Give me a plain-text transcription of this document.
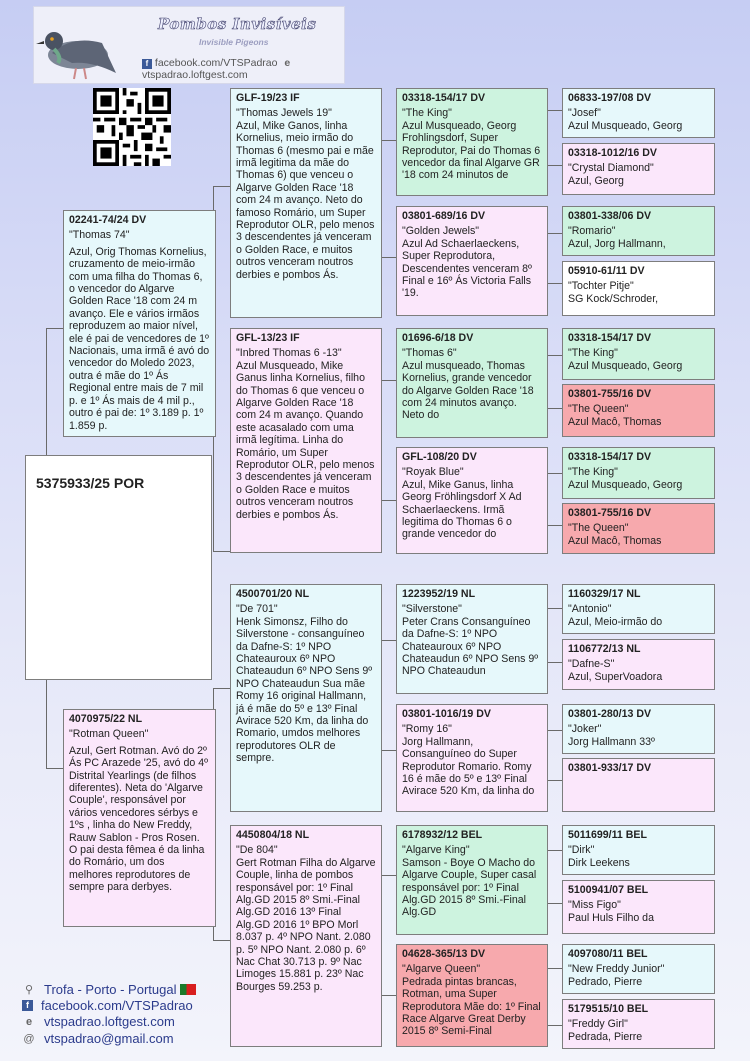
Pombos Invisíveis
Invisible Pigeons
f facebook.com/VTSPadrao e vtspadrao.loftgest.com
5375933/25 POR
02241-74/24 DV
"Thomas 74"
Azul, Orig Thomas Kornelius, cruzamento de meio-irmão com uma filha do Thomas 6, o vencedor do Algarve Golden Race '18 com 24 m avanço. Ele e vários irmãos reproduzem ao maior nível, ele é pai de vencedores de 1º Nacionais, uma irmã é avó do vencedor do Moledo 2023, outra é mãe do 1º Ás Regional entre mais de 7 mil p. e 1º Ás mais de 4 mil p., outro é pai de: 1º 3.189 p. 1º 1.859 p.
4070975/22 NL
"Rotman Queen"
Azul, Gert Rotman. Avó do 2º Ás PC Arazede '25, avó do 4º Distrital Yearlings (de filhos diferentes). Neta do 'Algarve Couple', responsável por vários vencedores sérbys e 1ºs , linha do New Freddy, Rauw Sablon - Pros Rosen. O pai desta fêmea é da linha do Romário, um dos melhores reprodutores de sempre para derbyes.
GLF-19/23 IF
"Thomas Jewels 19"
Azul, Mike Ganos, linha Kornelius, meio irmão do Thomas 6 (mesmo pai e mãe irmã legitima da mãe do Thomas 6) que venceu o Algarve Golden Race '18 com 24 m avanço. Neto do famoso Romário, um Super Reprodutor OLR, pelo menos 3 descendentes já venceram o Golden Race, e muitos outros venceram noutros derbies e pombos Ás.
GFL-13/23 IF
"Inbred Thomas 6 -13"
Azul Musqueado, Mike Ganus linha Kornelius, filho do Thomas 6 que venceu o Algarve Golden Race '18 com 24 m avanço. Quando este acasalado com uma irmã legítima. Linha do Romário, um Super Reprodutor OLR, pelo menos 3 descendentes já venceram o Golden Race e muitos outros venceram noutros derbies e pombos Ás.
4500701/20 NL
"De 701"
Henk Simonsz, Filho do Silverstone - consanguíneo da Dafne-S: 1º NPO Chateauroux 6º NPO Chateaudun 6º NPO Sens 9º NPO Chateaudun Sua mãe Romy 16 original Hallmann, já é mãe do 5º e 13º Final Avirace 520 Km, da linha do Romario, umdos melhores reprodutores OLR de sempre.
4450804/18 NL
"De 804"
Gert Rotman Filha do Algarve Couple, linha de pombos responsável por: 1º Final Alg.GD 2015 8º Smi.-Final Alg.GD 2016 13º Final Alg.GD 2016 1º BPO Morl 8.037 p. 4º NPO Nant. 2.080 p. 5º NPO Nant. 2.080 p. 6º Nac Chat 30.713 p. 9º Nac Limoges 15.881 p. 23º Nac Bourges 59.253 p.
03318-154/17 DV
"The King"
Azul Musqueado, Georg Frohlingsdorf, Super Reprodutor, Pai do Thomas 6 vencedor da final Algarve GR '18 com 24 minutos de
03801-689/16 DV
"Golden Jewels"
Azul Ad Schaerlaeckens, Super Reprodutora, Descendentes venceram 8º Final e 16º Ás Victoria Falls '19.
01696-6/18 DV
"Thomas 6"
Azul musqueado, Thomas Kornelius, grande vencedor do Algarve Golden Race '18 com 24 minutos avanço. Neto do
GFL-108/20 DV
"Royak Blue"
Azul, Mike Ganus, linha Georg Fröhlingsdorf X Ad Schaerlaeckens. Irmã legitima do Thomas 6 o grande vencedor do
1223952/19 NL
"Silverstone"
Peter Crans Consanguíneo da Dafne-S: 1º NPO Chateauroux 6º NPO Chateaudun 6º NPO Sens 9º NPO Chateaudun
03801-1016/19 DV
"Romy 16"
Jorg Hallmann, Consanguíneo do Super Reprodutor Romario. Romy 16 é mãe do 5º e 13º Final Avirace 520 Km, da linha do
6178932/12 BEL
"Algarve King"
Samson - Boye O Macho do Algarve Couple, Super casal responsável por: 1º Final Alg.GD 2015 8º Smi.-Final Alg.GD
04628-365/13 DV
"Algarve Queen"
Pedrada pintas brancas, Rotman, uma Super Reprodutora Mãe do: 1º Final Race Algarve Great Derby 2015 8º Semi-Final
06833-197/08 DV
"Josef"
Azul Musqueado, Georg
03318-1012/16 DV
"Crystal Diamond"
Azul, Georg
03801-338/06 DV
"Romario"
Azul, Jorg Hallmann,
05910-61/11 DV
"Tochter Pitje"
SG Kock/Schroder,
03318-154/17 DV
"The King"
Azul Musqueado, Georg
03801-755/16 DV
"The Queen"
Azul Macô, Thomas
03318-154/17 DV
"The King"
Azul Musqueado, Georg
03801-755/16 DV
"The Queen"
Azul Macô, Thomas
1160329/17 NL
"Antonio"
Azul, Meio-irmão do
1106772/13 NL
"Dafne-S"
Azul, SuperVoadora
03801-280/13 DV
"Joker"
Jorg Hallmann 33º
03801-933/17 DV
5011699/11 BEL
"Dirk"
Dirk Leekens
5100941/07 BEL
"Miss Figo"
Paul Huls Filho da
4097080/11 BEL
"New Freddy Junior"
Pedrado, Pierre
5179515/10 BEL
"Freddy Girl"
Pedrada, Pierre
⚲ Trofa - Porto - Portugal
f facebook.com/VTSPadrao
e vtspadrao.loftgest.com
@ vtspadrao@gmail.com
